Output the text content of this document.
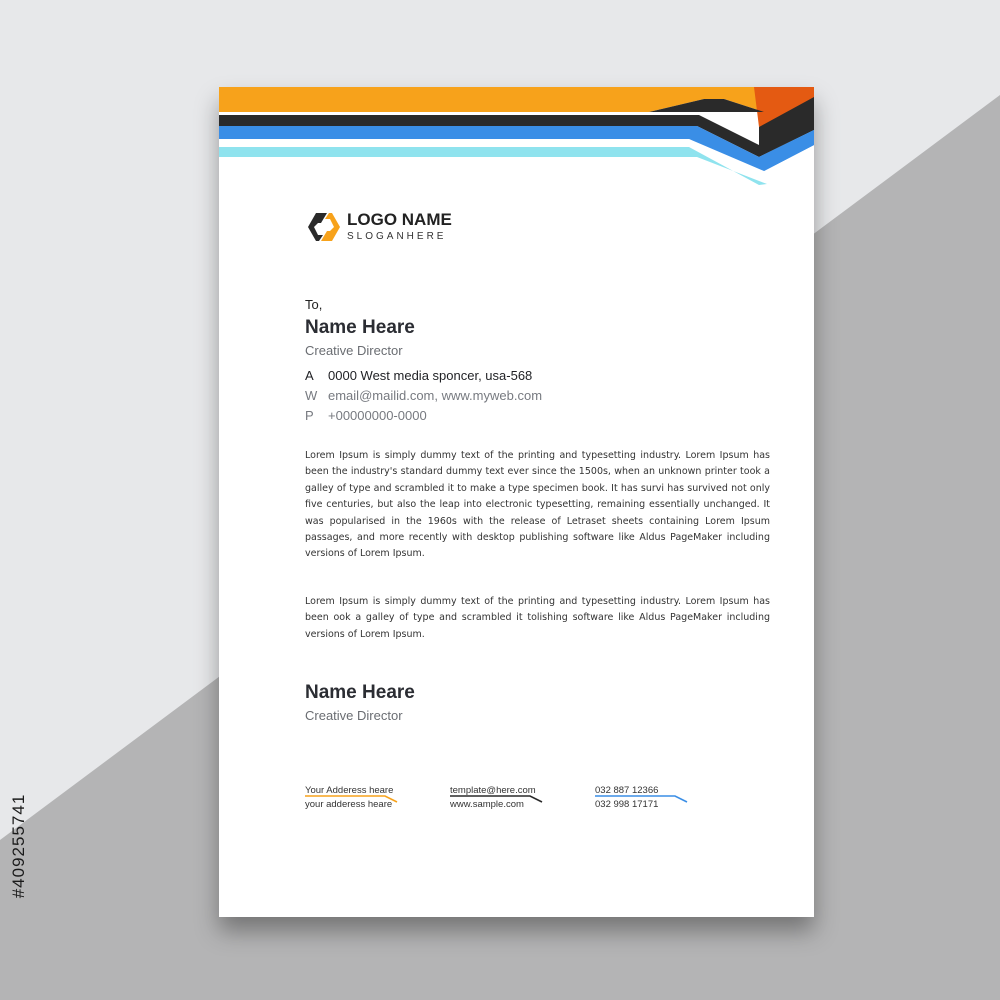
#409255741
LOGO NAME
SLOGANHERE
To,
Name Heare
Creative Director
A 0000 West media sponcer, usa-568
W email@mailid.com, www.myweb.com
P +00000000-0000

Lorem Ipsum is simply dummy text of the printing and typesetting industry. Lorem Ipsum has been the industry's standard dummy text ever since the 1500s, when an unknown printer took a galley of type and scrambled it to make a type specimen book. It has survi has survived not only five centuries, but also the leap into electronic typesetting, remaining essentially unchanged. It was popularised in the 1960s with the release of Letraset sheets containing Lorem Ipsum passages, and more recently with desktop publishing software like Aldus PageMaker including versions of Lorem Ipsum.

Lorem Ipsum is simply dummy text of the printing and typesetting industry. Lorem Ipsum has been ook a galley of type and scrambled it tolishing software like Aldus PageMaker including versions of Lorem Ipsum.

Name Heare
Creative Director
Your Adderess heare
your adderess heare
template@here.com
www.sample.com
032 887 12366
032 998 17171
